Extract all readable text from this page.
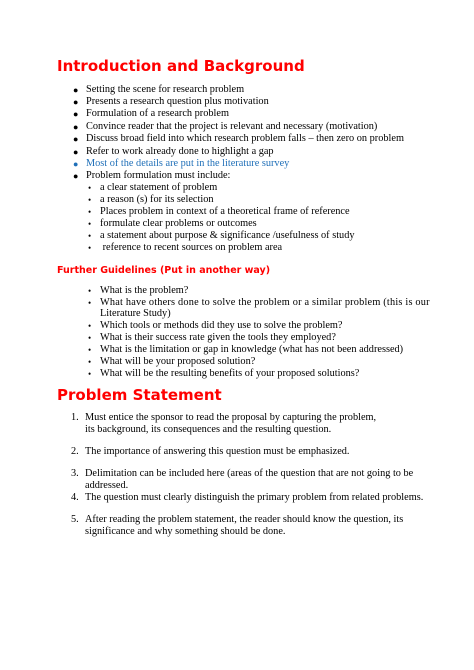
Introduction and Background
● Setting the scene for research problem
● Presents a research question plus motivation
● Formulation of a research problem
● Convince reader that the project is relevant and necessary (motivation)
● Discuss broad field into which research problem falls – then zero on problem
● Refer to work already done to highlight a gap
● Most of the details are put in the literature survey
● Problem formulation must include:
• a clear statement of problem
• a reason (s) for its selection
• Places problem in context of a theoretical frame of reference
• formulate clear problems or outcomes
• a statement about purpose & significance /usefulness of study
• reference to recent sources on problem area
Further Guidelines (Put in another way)
• What is the problem?
• What have others done to solve the problem or a similar problem (this is our
Literature Study)
• Which tools or methods did they use to solve the problem?
• What is their success rate given the tools they employed?
• What is the limitation or gap in knowledge (what has not been addressed)
• What will be your proposed solution?
• What will be the resulting benefits of your proposed solutions?
Problem Statement
1. Must entice the sponsor to read the proposal by capturing the problem,
its background, its consequences and the resulting question.
2. The importance of answering this question must be emphasized.
3. Delimitation can be included here (areas of the question that are not going to be
addressed.
4. The question must clearly distinguish the primary problem from related problems.
5. After reading the problem statement, the reader should know the question, its
significance and why something should be done.
